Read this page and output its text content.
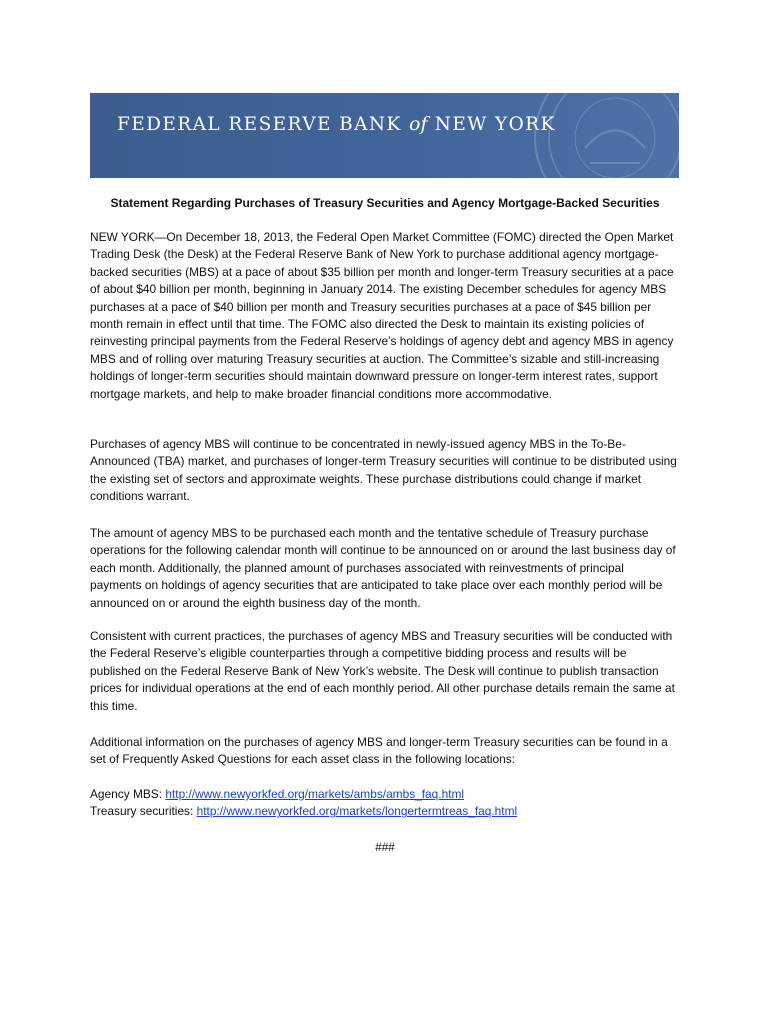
FEDERAL RESERVE BANK of NEW YORK
Statement Regarding Purchases of Treasury Securities and Agency Mortgage-Backed Securities

NEW YORK—On December 18, 2013, the Federal Open Market Committee (FOMC) directed the Open Market Trading Desk (the Desk) at the Federal Reserve Bank of New York to purchase additional agency mortgage-backed securities (MBS) at a pace of about $35 billion per month and longer-term Treasury securities at a pace of about $40 billion per month, beginning in January 2014. The existing December schedules for agency MBS purchases at a pace of $40 billion per month and Treasury securities purchases at a pace of $45 billion per month remain in effect until that time. The FOMC also directed the Desk to maintain its existing policies of reinvesting principal payments from the Federal Reserve’s holdings of agency debt and agency MBS in agency MBS and of rolling over maturing Treasury securities at auction. The Committee’s sizable and still-increasing holdings of longer-term securities should maintain downward pressure on longer-term interest rates, support mortgage markets, and help to make broader financial conditions more accommodative.

Purchases of agency MBS will continue to be concentrated in newly-issued agency MBS in the To-Be-Announced (TBA) market, and purchases of longer-term Treasury securities will continue to be distributed using the existing set of sectors and approximate weights. These purchase distributions could change if market conditions warrant.

The amount of agency MBS to be purchased each month and the tentative schedule of Treasury purchase operations for the following calendar month will continue to be announced on or around the last business day of each month. Additionally, the planned amount of purchases associated with reinvestments of principal payments on holdings of agency securities that are anticipated to take place over each monthly period will be announced on or around the eighth business day of the month.

Consistent with current practices, the purchases of agency MBS and Treasury securities will be conducted with the Federal Reserve’s eligible counterparties through a competitive bidding process and results will be published on the Federal Reserve Bank of New York’s website. The Desk will continue to publish transaction prices for individual operations at the end of each monthly period. All other purchase details remain the same at this time.

Additional information on the purchases of agency MBS and longer-term Treasury securities can be found in a set of Frequently Asked Questions for each asset class in the following locations:

Agency MBS: http://www.newyorkfed.org/markets/ambs/ambs_faq.html
Treasury securities: http://www.newyorkfed.org/markets/longertermtreas_faq.html
###
